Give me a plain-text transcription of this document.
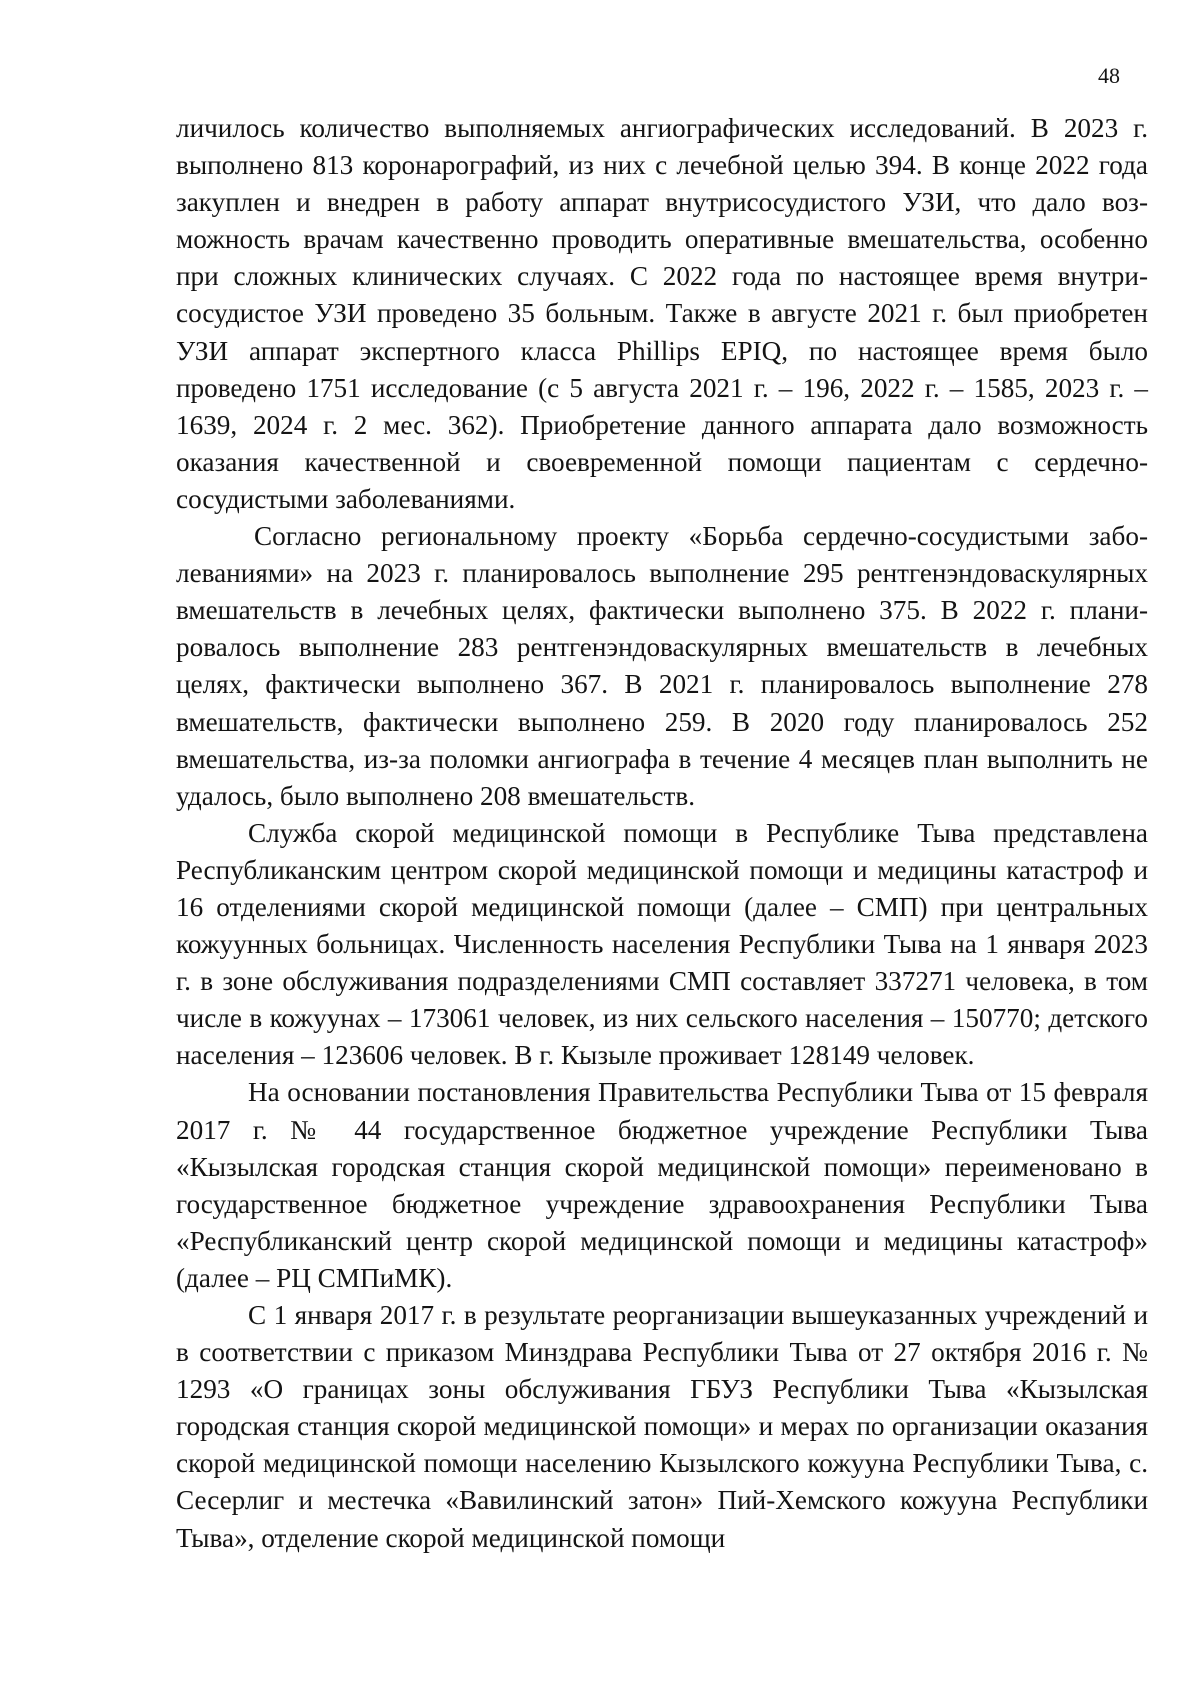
48

личилось количество выполняемых ангиографических исследований. В 2023 г. выполнено 813 коронарографий, из них с лечебной целью 394. В конце 2022 года закуплен и внедрен в работу аппарат внутрисосудистого УЗИ, что дало возможность врачам качественно проводить оперативные вмешательства, особенно при сложных клинических случаях. С 2022 года по настоящее время внутрисосудистое УЗИ проведено 35 больным. Также в августе 2021 г. был приобретен УЗИ аппарат экспертного класса Phillips EPIQ, по настоящее время было проведено 1751 исследование (с 5 августа 2021 г. – 196, 2022 г. – 1585, 2023 г. – 1639, 2024 г. 2 мес. 362). Приобретение данного аппарата дало возможность оказания качественной и своевременной помощи пациентам с сердечно-сосудистыми заболеваниями.

Согласно региональному проекту «Борьба сердечно-сосудистыми заболеваниями» на 2023 г. планировалось выполнение 295 рентгенэндоваскулярных вмешательств в лечебных целях, фактически выполнено 375. В 2022 г. планировалось выполнение 283 рентгенэндоваскулярных вмешательств в лечебных целях, фактически выполнено 367. В 2021 г. планировалось выполнение 278 вмешательств, фактически выполнено 259. В 2020 году планировалось 252 вмешательства, из-за поломки ангиографа в течение 4 месяцев план выполнить не удалось, было выполнено 208 вмешательств.

Служба скорой медицинской помощи в Республике Тыва представлена Республиканским центром скорой медицинской помощи и медицины катастроф и 16 отделениями скорой медицинской помощи (далее – СМП) при центральных кожуунных больницах. Численность населения Республики Тыва на 1 января 2023 г. в зоне обслуживания подразделениями СМП составляет 337271 человека, в том числе в кожуунах – 173061 человек, из них сельского населения – 150770; детского населения – 123606 человек. В г. Кызыле проживает 128149 человек.

На основании постановления Правительства Республики Тыва от 15 февраля 2017 г. № 44 государственное бюджетное учреждение Республики Тыва «Кызылская городская станция скорой медицинской помощи» переименовано в государственное бюджетное учреждение здравоохранения Республики Тыва «Республиканский центр скорой медицинской помощи и медицины катастроф» (далее – РЦ СМПиМК).

С 1 января 2017 г. в результате реорганизации вышеуказанных учреждений и в соответствии с приказом Минздрава Республики Тыва от 27 октября 2016 г. № 1293 «О границах зоны обслуживания ГБУЗ Республики Тыва «Кызылская городская станция скорой медицинской помощи» и мерах по организации оказания скорой медицинской помощи населению Кызылского кожууна Республики Тыва, с. Сесерлиг и местечка «Вавилинский затон» Пий-Хемского кожууна Республики Тыва», отделение скорой медицинской помощи
